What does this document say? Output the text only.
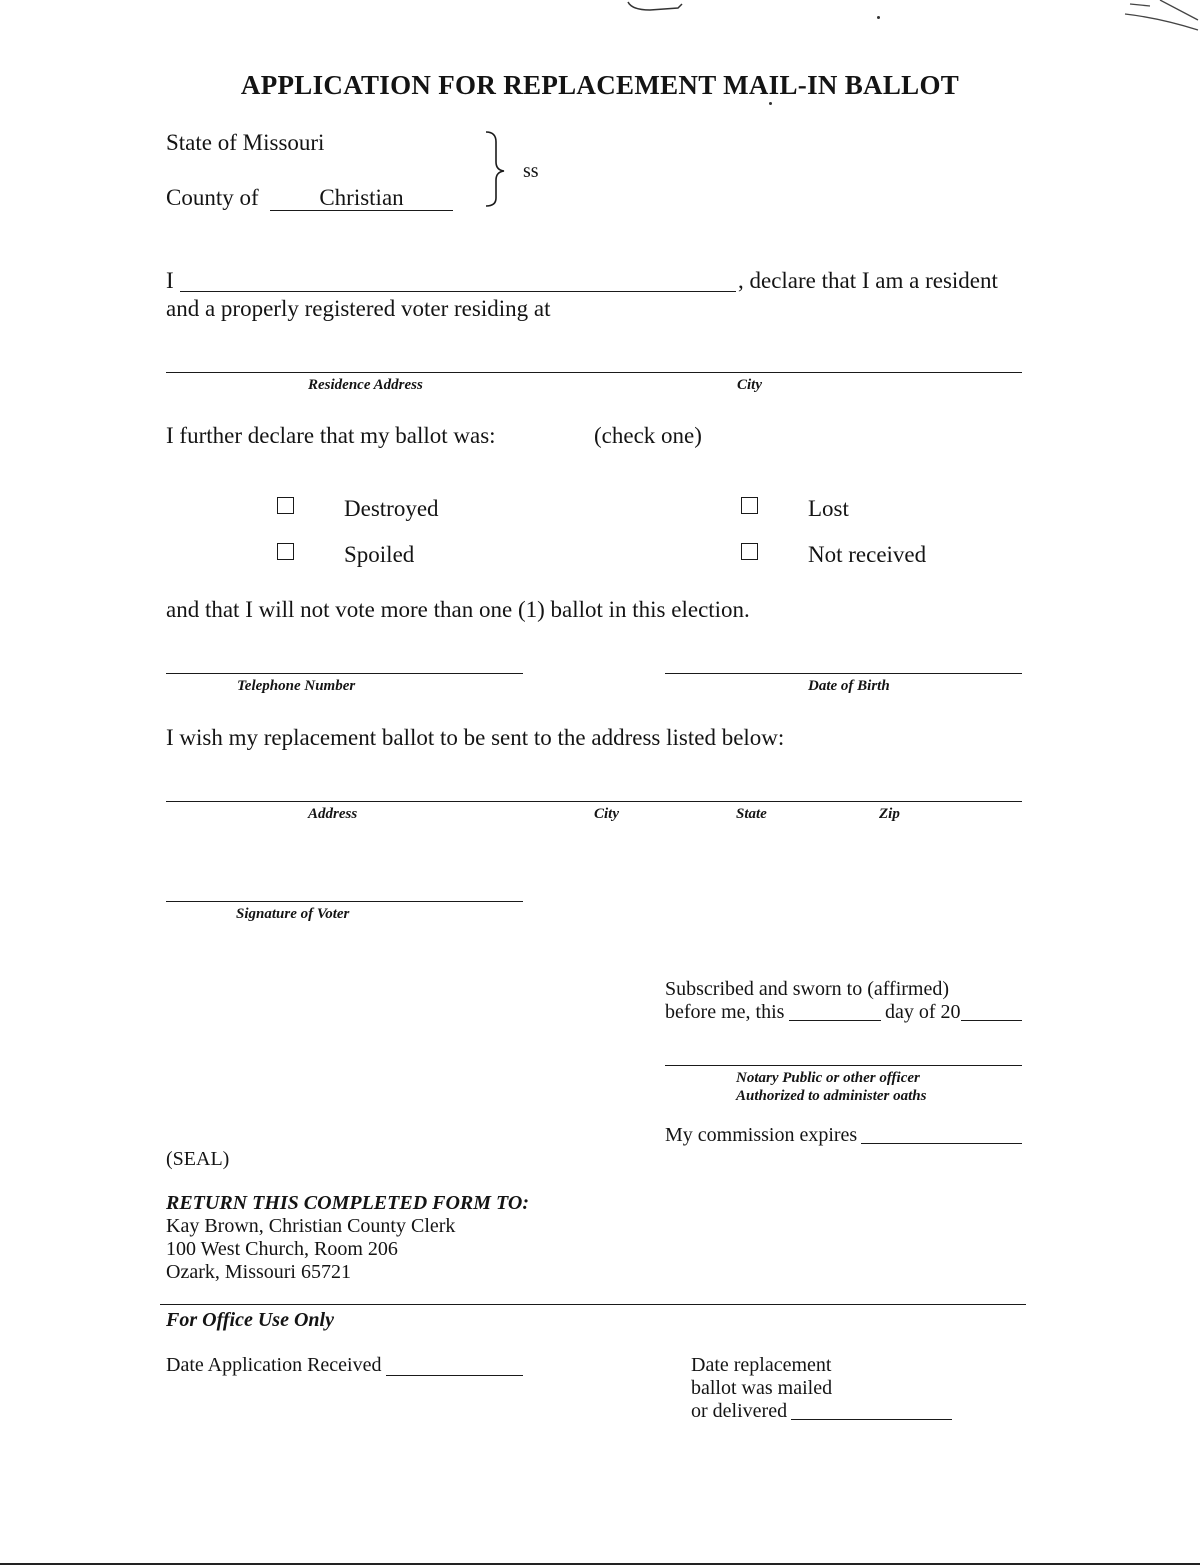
APPLICATION FOR REPLACEMENT MAIL-IN BALLOT
State of Missouri
County of	Christian
ss
I	, declare that I am a resident
and a properly registered voter residing at
Residence Address	City
I further declare that my ballot was:	(check one)
Destroyed	Lost
Spoiled	Not received
and that I will not vote more than one (1) ballot in this election.
Telephone Number	Date of Birth
I wish my replacement ballot to be sent to the address listed below:
Address	City	State	Zip
Signature of Voter
Subscribed and sworn to (affirmed)
before me, this	day of 20
Notary Public or other officer
Authorized to administer oaths
My commission expires
(SEAL)
RETURN THIS COMPLETED FORM TO:
Kay Brown, Christian County Clerk
100 West Church, Room 206
Ozark, Missouri 65721
For Office Use Only
Date Application Received	Date replacement
ballot was mailed
or delivered
